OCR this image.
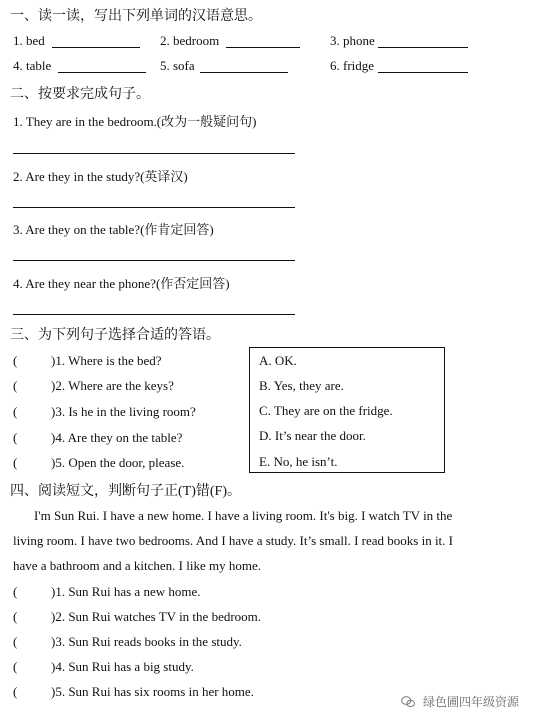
一、读一读，写出下列单词的汉语意思。
1. bed	2. bedroom	3. phone
4. table	5. sofa	6. fridge
二、按要求完成句子。
1. They are in the bedroom.(改为一般疑问句)
2. Are they in the study?(英译汉)
3. Are they on the table?(作肯定回答)
4. Are they near the phone?(作否定回答)
三、为下列句子选择合适的答语。
(	)1. Where is the bed?
(	)2. Where are the keys?
(	)3. Is he in the living room?
(	)4. Are they on the table?
(	)5. Open the door, please.
A. OK.
B. Yes, they are.
C. They are on the fridge.
D. It’s near the door.
E. No, he isn’t.
四、阅读短文，判断句子正(T)错(F)。
I'm Sun Rui. I have a new home. I have a living room. It's big. I watch TV in the
living room. I have two bedrooms. And I have a study. It’s small. I read books in it. I
have a bathroom and a kitchen. I like my home.
(	)1. Sun Rui has a new home.
(	)2. Sun Rui watches TV in the bedroom.
(	)3. Sun Rui reads books in the study.
(	)4. Sun Rui has a big study.
(	)5. Sun Rui has six rooms in her home.
绿色圃四年级资源
